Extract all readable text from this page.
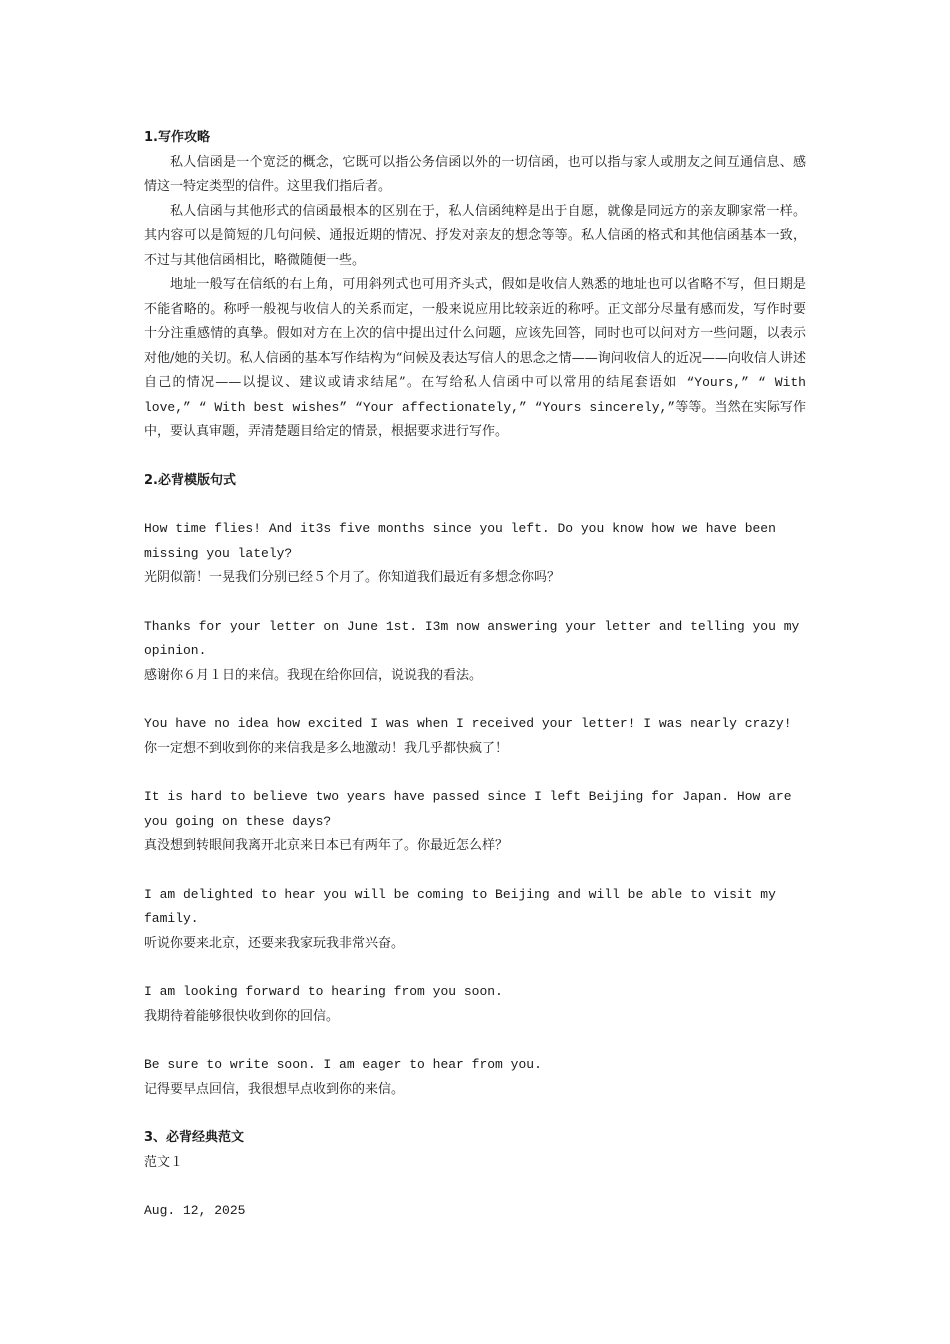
1.写作攻略

私人信函是一个宽泛的概念，它既可以指公务信函以外的一切信函，也可以指与家人或朋友之间互通信息、感情这一特定类型的信件。这里我们指后者。

私人信函与其他形式的信函最根本的区别在于，私人信函纯粹是出于自愿，就像是同远方的亲友聊家常一样。其内容可以是简短的几句问候、通报近期的情况、抒发对亲友的想念等等。私人信函的格式和其他信函基本一致，不过与其他信函相比，略微随便一些。

地址一般写在信纸的右上角，可用斜列式也可用齐头式，假如是收信人熟悉的地址也可以省略不写，但日期是不能省略的。称呼一般视与收信人的关系而定，一般来说应用比较亲近的称呼。正文部分尽量有感而发，写作时要十分注重感情的真挚。假如对方在上次的信中提出过什么问题，应该先回答，同时也可以问对方一些问题，以表示对他/她的关切。私人信函的基本写作结构为“问候及表达写信人的思念之情——询问收信人的近况——向收信人讲述自己的情况——以提议、建议或请求结尾”。在写给私人信函中可以常用的结尾套语如 “Yours,” “ With love,” “ With best wishes” “Your affectionately,” “Yours sincerely,”等等。当然在实际写作中，要认真审题，弄清楚题目给定的情景，根据要求进行写作。

2.必背模版句式

How time flies! And it3s five months since you left. Do you know how we have been missing you lately?

光阴似箭！一晃我们分别已经５个月了。你知道我们最近有多想念你吗？

Thanks for your letter on June 1st. I3m now answering your letter and telling you my opinion.

感谢你６月１日的来信。我现在给你回信，说说我的看法。

You have no idea how excited I was when I received your letter! I was nearly crazy!

你一定想不到收到你的来信我是多么地激动！我几乎都快疯了！

It is hard to believe two years have passed since I left Beijing for Japan. How are you going on these days?

真没想到转眼间我离开北京来日本已有两年了。你最近怎么样？

I am delighted to hear you will be coming to Beijing and will be able to visit my family.

听说你要来北京，还要来我家玩我非常兴奋。

I am looking forward to hearing from you soon.

我期待着能够很快收到你的回信。

Be sure to write soon. I am eager to hear from you.

记得要早点回信，我很想早点收到你的来信。

3、必背经典范文

范文１

Aug. 12, 2025
